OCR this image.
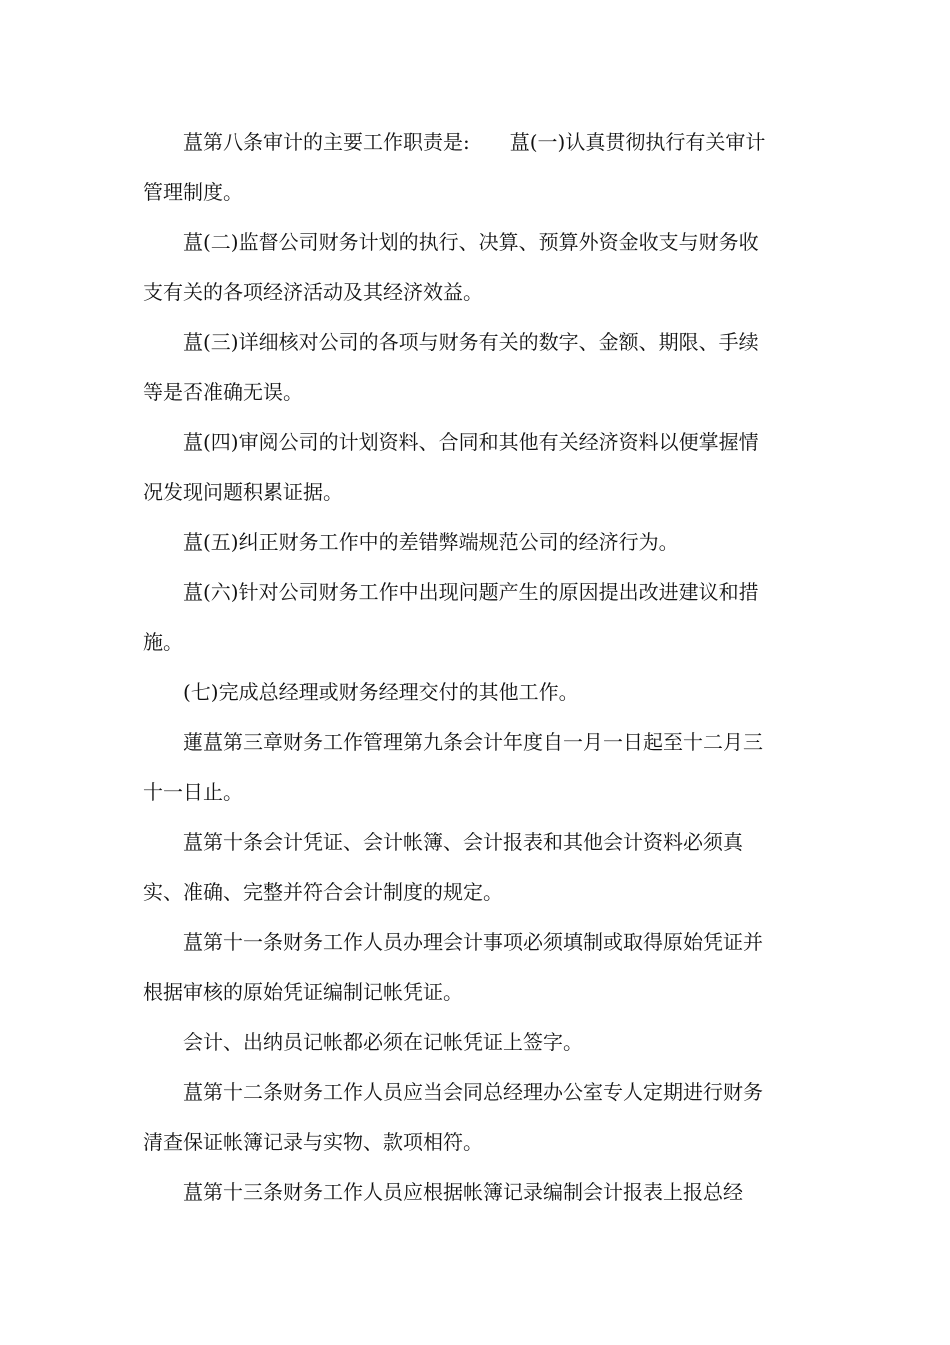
蒀第八条审计的主要工作职责是:　　蒀(一)认真贯彻执行有关审计管理制度。

蒀(二)监督公司财务计划的执行、决算、预算外资金收支与财务收支有关的各项经济活动及其经济效益。

蒀(三)详细核对公司的各项与财务有关的数字、金额、期限、手续等是否准确无误。

蒀(四)审阅公司的计划资料、合同和其他有关经济资料以便掌握情况发现问题积累证据。

蒀(五)纠正财务工作中的差错弊端规范公司的经济行为。

蒀(六)针对公司财务工作中出现问题产生的原因提出改进建议和措施。

(七)完成总经理或财务经理交付的其他工作。

蓮蒀第三章财务工作管理第九条会计年度自一月一日起至十二月三十一日止。

蒀第十条会计凭证、会计帐簿、会计报表和其他会计资料必须真实、准确、完整并符合会计制度的规定。

蒀第十一条财务工作人员办理会计事项必须填制或取得原始凭证并根据审核的原始凭证编制记帐凭证。

会计、出纳员记帐都必须在记帐凭证上签字。

蒀第十二条财务工作人员应当会同总经理办公室专人定期进行财务清查保证帐簿记录与实物、款项相符。

蒀第十三条财务工作人员应根据帐簿记录编制会计报表上报总经
